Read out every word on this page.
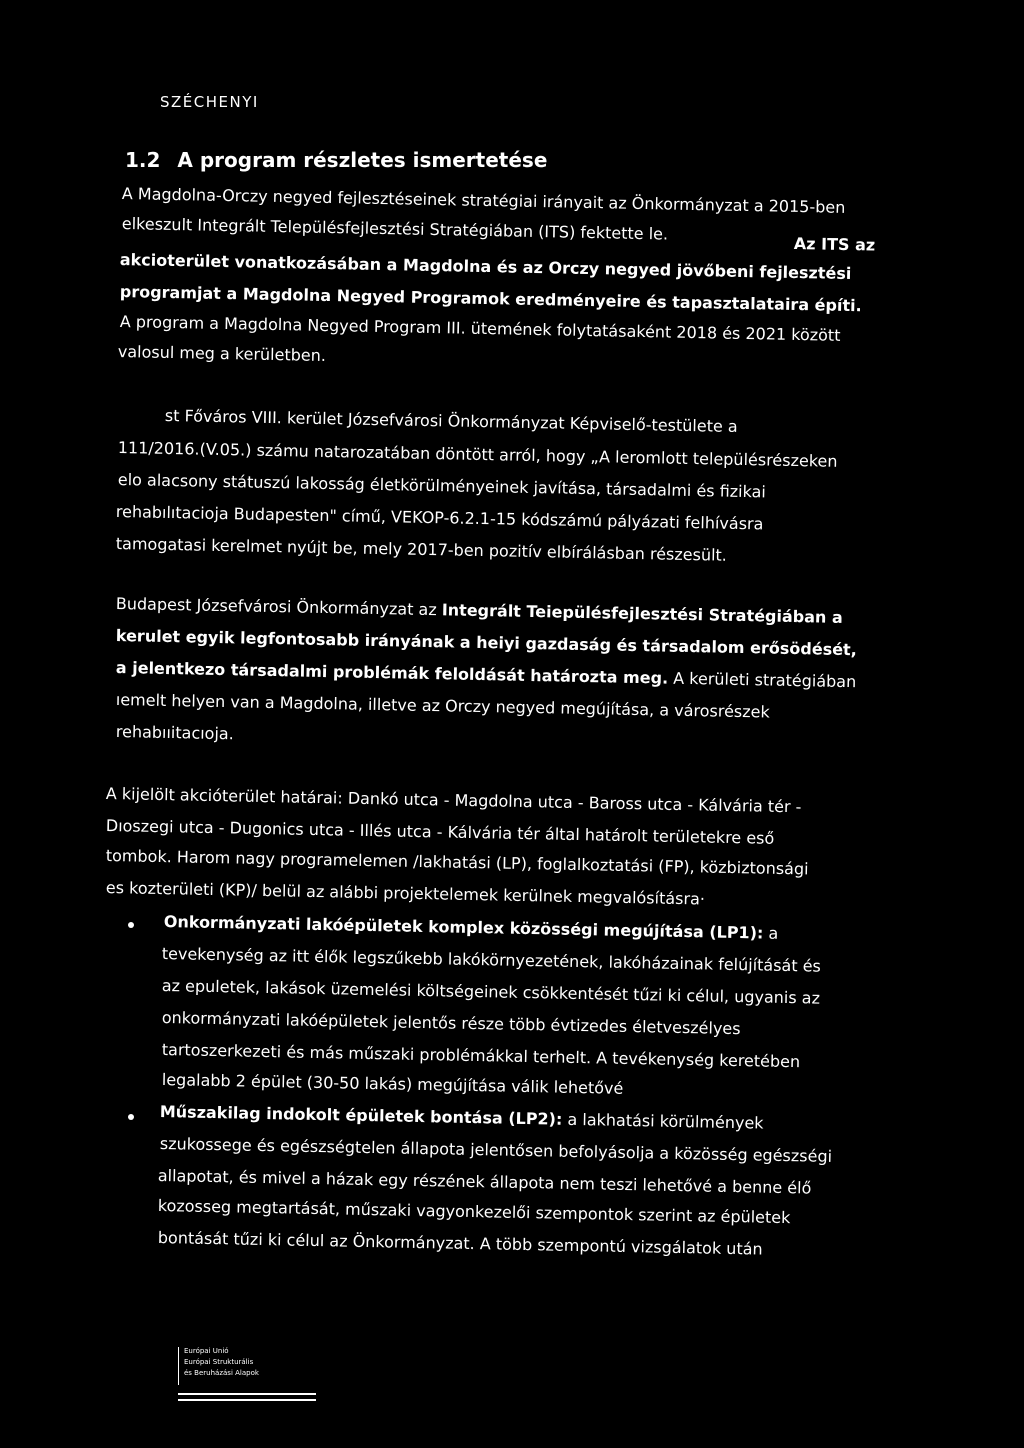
SZÉCHENYI
1.2 A program részletes ismertetése
A Magdolna-Orczy negyed fejlesztéseinek stratégiai irányait az Önkormányzat a 2015-ben
elkeszult Integrált Településfejlesztési Stratégiában (ITS) fektette le.
Az ITS az
akcioterület vonatkozásában a Magdolna és az Orczy negyed jövőbeni fejlesztési
programjat a Magdolna Negyed Programok eredményeire és tapasztalataira építi.
A program a Magdolna Negyed Program III. ütemének folytatásaként 2018 és 2021 között
valosul meg a kerületben.
st Főváros VIII. kerület Józsefvárosi Önkormányzat Képviselő-testülete a
111/2016.(V.05.) számu natarozatában döntött arról, hogy „A leromlott településrészeken
elo alacsony státuszú lakosság életkörülményeinek javítása, társadalmi és fizikai
rehabılıtacioja Budapesten" című, VEKOP-6.2.1-15 kódszámú pályázati felhívásra
tamogatasi kerelmet nyújt be, mely 2017-ben pozitív elbírálásban részesült.
Budapest Józsefvárosi Önkormányzat az Integrált Teiepülésfejlesztési Stratégiában a
kerulet egyik legfontosabb irányának a heiyi gazdaság és társadalom erősödését,
a jelentkezo társadalmi problémák feloldását határozta meg. A kerületi stratégiában
ıemelt helyen van a Magdolna, illetve az Orczy negyed megújítása, a városrészek
rehabııitacıoja.
A kijelölt akcióterület határai: Dankó utca - Magdolna utca - Baross utca - Kálvária tér -
Dıoszegi utca - Dugonics utca - Illés utca - Kálvária tér által határolt területekre eső
tombok. Harom nagy programelemen /lakhatási (LP), foglalkoztatási (FP), közbiztonsági
es kozterületi (KP)/ belül az alábbi projektelemek kerülnek megvalósításra·
Onkormányzati lakóépületek komplex közösségi megújítása (LP1): a
tevekenység az itt élők legszűkebb lakókörnyezetének, lakóházainak felújítását és
az epuletek, lakások üzemelési költségeinek csökkentését tűzi ki célul, ugyanis az
onkormányzati lakóépületek jelentős része több évtizedes életveszélyes
tartoszerkezeti és más műszaki problémákkal terhelt. A tevékenység keretében
legalabb 2 épület (30-50 lakás) megújítása válik lehetővé
Műszakilag indokolt épületek bontása (LP2): a lakhatási körülmények
szukossege és egészségtelen állapota jelentősen befolyásolja a közösség egészségi
allapotat, és mivel a házak egy részének állapota nem teszi lehetővé a benne élő
kozosseg megtartását, műszaki vagyonkezelői szempontok szerint az épületek
bontását tűzi ki célul az Önkormányzat. A több szempontú vizsgálatok után
Európai Unió
Európai Strukturális
és Beruházási Alapok
